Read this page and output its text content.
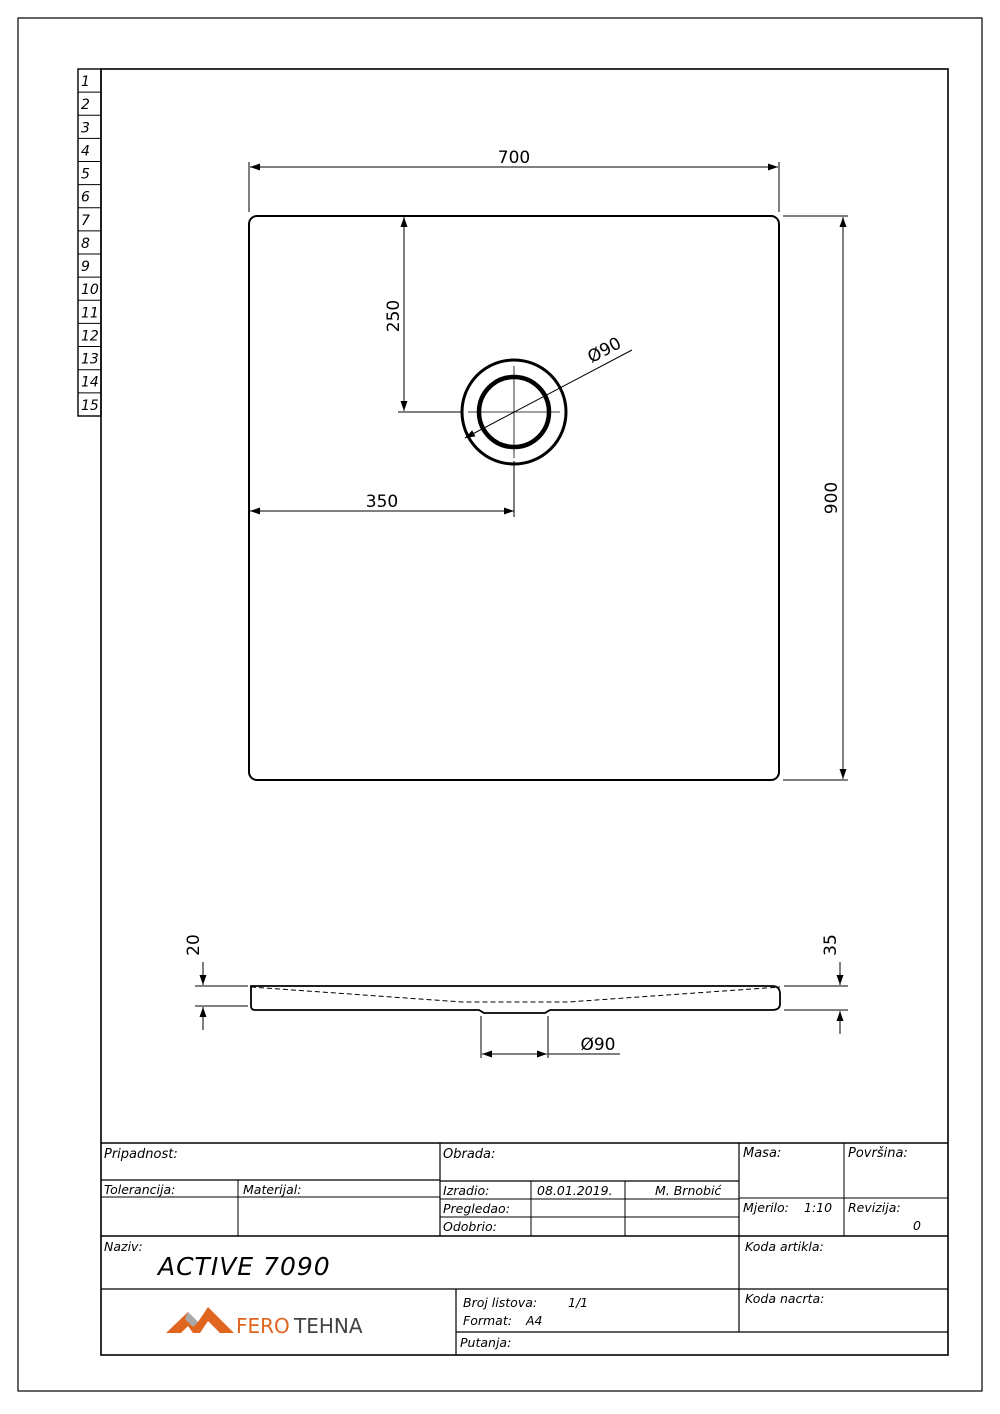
1
2
3
4
5
6
7
8
9
10
11
12
13
14
15
700
900
250
350
Ø90
20	35
Ø90
Pripadnost:	Obrada:	Masa:	Površina:
Tolerancija:	Materijal:	Izradio:	08.01.2019.	M. Brnobić
Pregledao:
Odobrio:
Mjerilo: 1:10 Revizija:
0
Naziv:
ACTIVE 7090
Koda artikla:
Broj listova: 1/1
Format: A4
Putanja:
Koda nacrta:
FERO TEHNA
